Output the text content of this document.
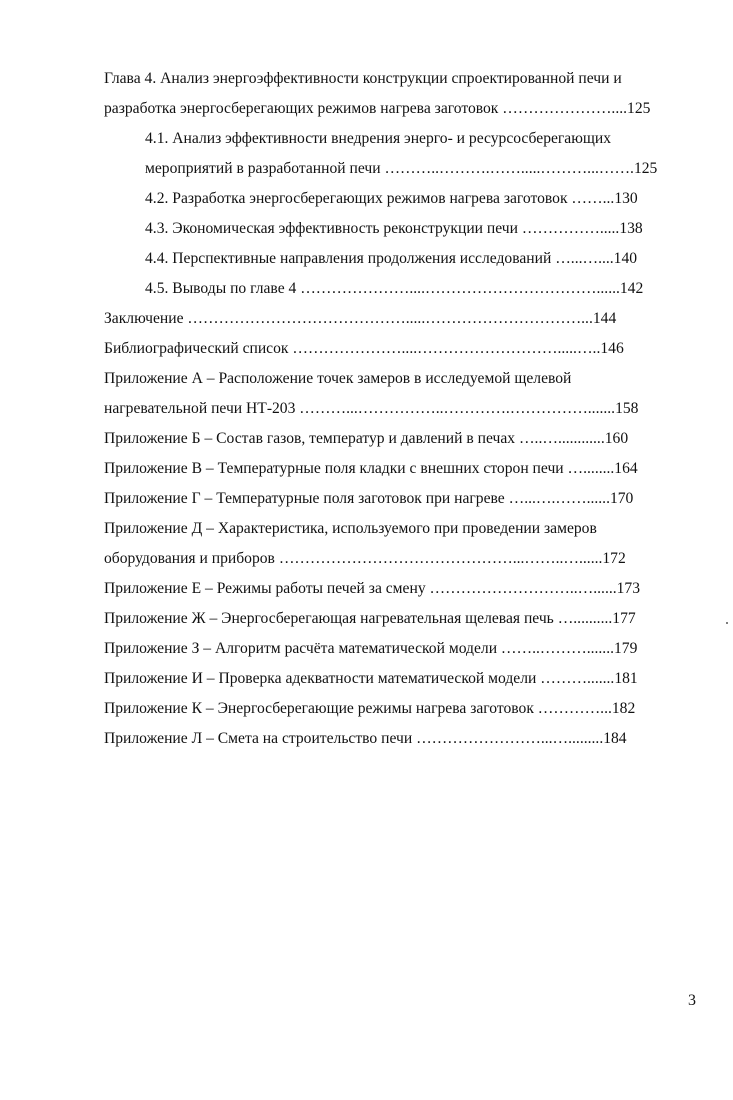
Глава 4. Анализ энергоэффективности конструкции спроектированной печи и
разработка энергосберегающих режимов нагрева заготовок …………………....125
4.1. Анализ эффективности внедрения энерго- и ресурсосберегающих
мероприятий в разработанной печи ………..……….…….....………...…….125
4.2. Разработка энергосберегающих режимов нагрева заготовок ……...130
4.3. Экономическая эффективность реконструкции печи …………….....138
4.4. Перспективные направления продолжения исследований …...…....140
4.5. Выводы по главе 4 …………………....……………………………......142
Заключение …………………………………….....…………………………...144
Библиографический список …………………....……………………….....…..146
Приложение А – Расположение точек замеров в исследуемой щелевой
нагревательной печи НТ-203 ………...……………..………….…………….......158
Приложение Б – Состав газов, температур и давлений в печах …..…............160
Приложение В – Температурные поля кладки с внешних сторон печи …........164
Приложение Г – Температурные поля заготовок при нагреве …...….……......170
Приложение Д – Характеристика, используемого при проведении замеров
оборудования и приборов ………………………………………...……..…......172
Приложение Е – Режимы работы печей за смену ………………………..…......173
Приложение Ж – Энергосберегающая нагревательная щелевая печь …..........177
Приложение З – Алгоритм расчёта математической модели ……..……….......179
Приложение И – Проверка адекватности математической модели ……….......181
Приложение К – Энергосберегающие режимы нагрева заготовок …………...182
Приложение Л – Смета на строительство печи ……………………...….........184
3
